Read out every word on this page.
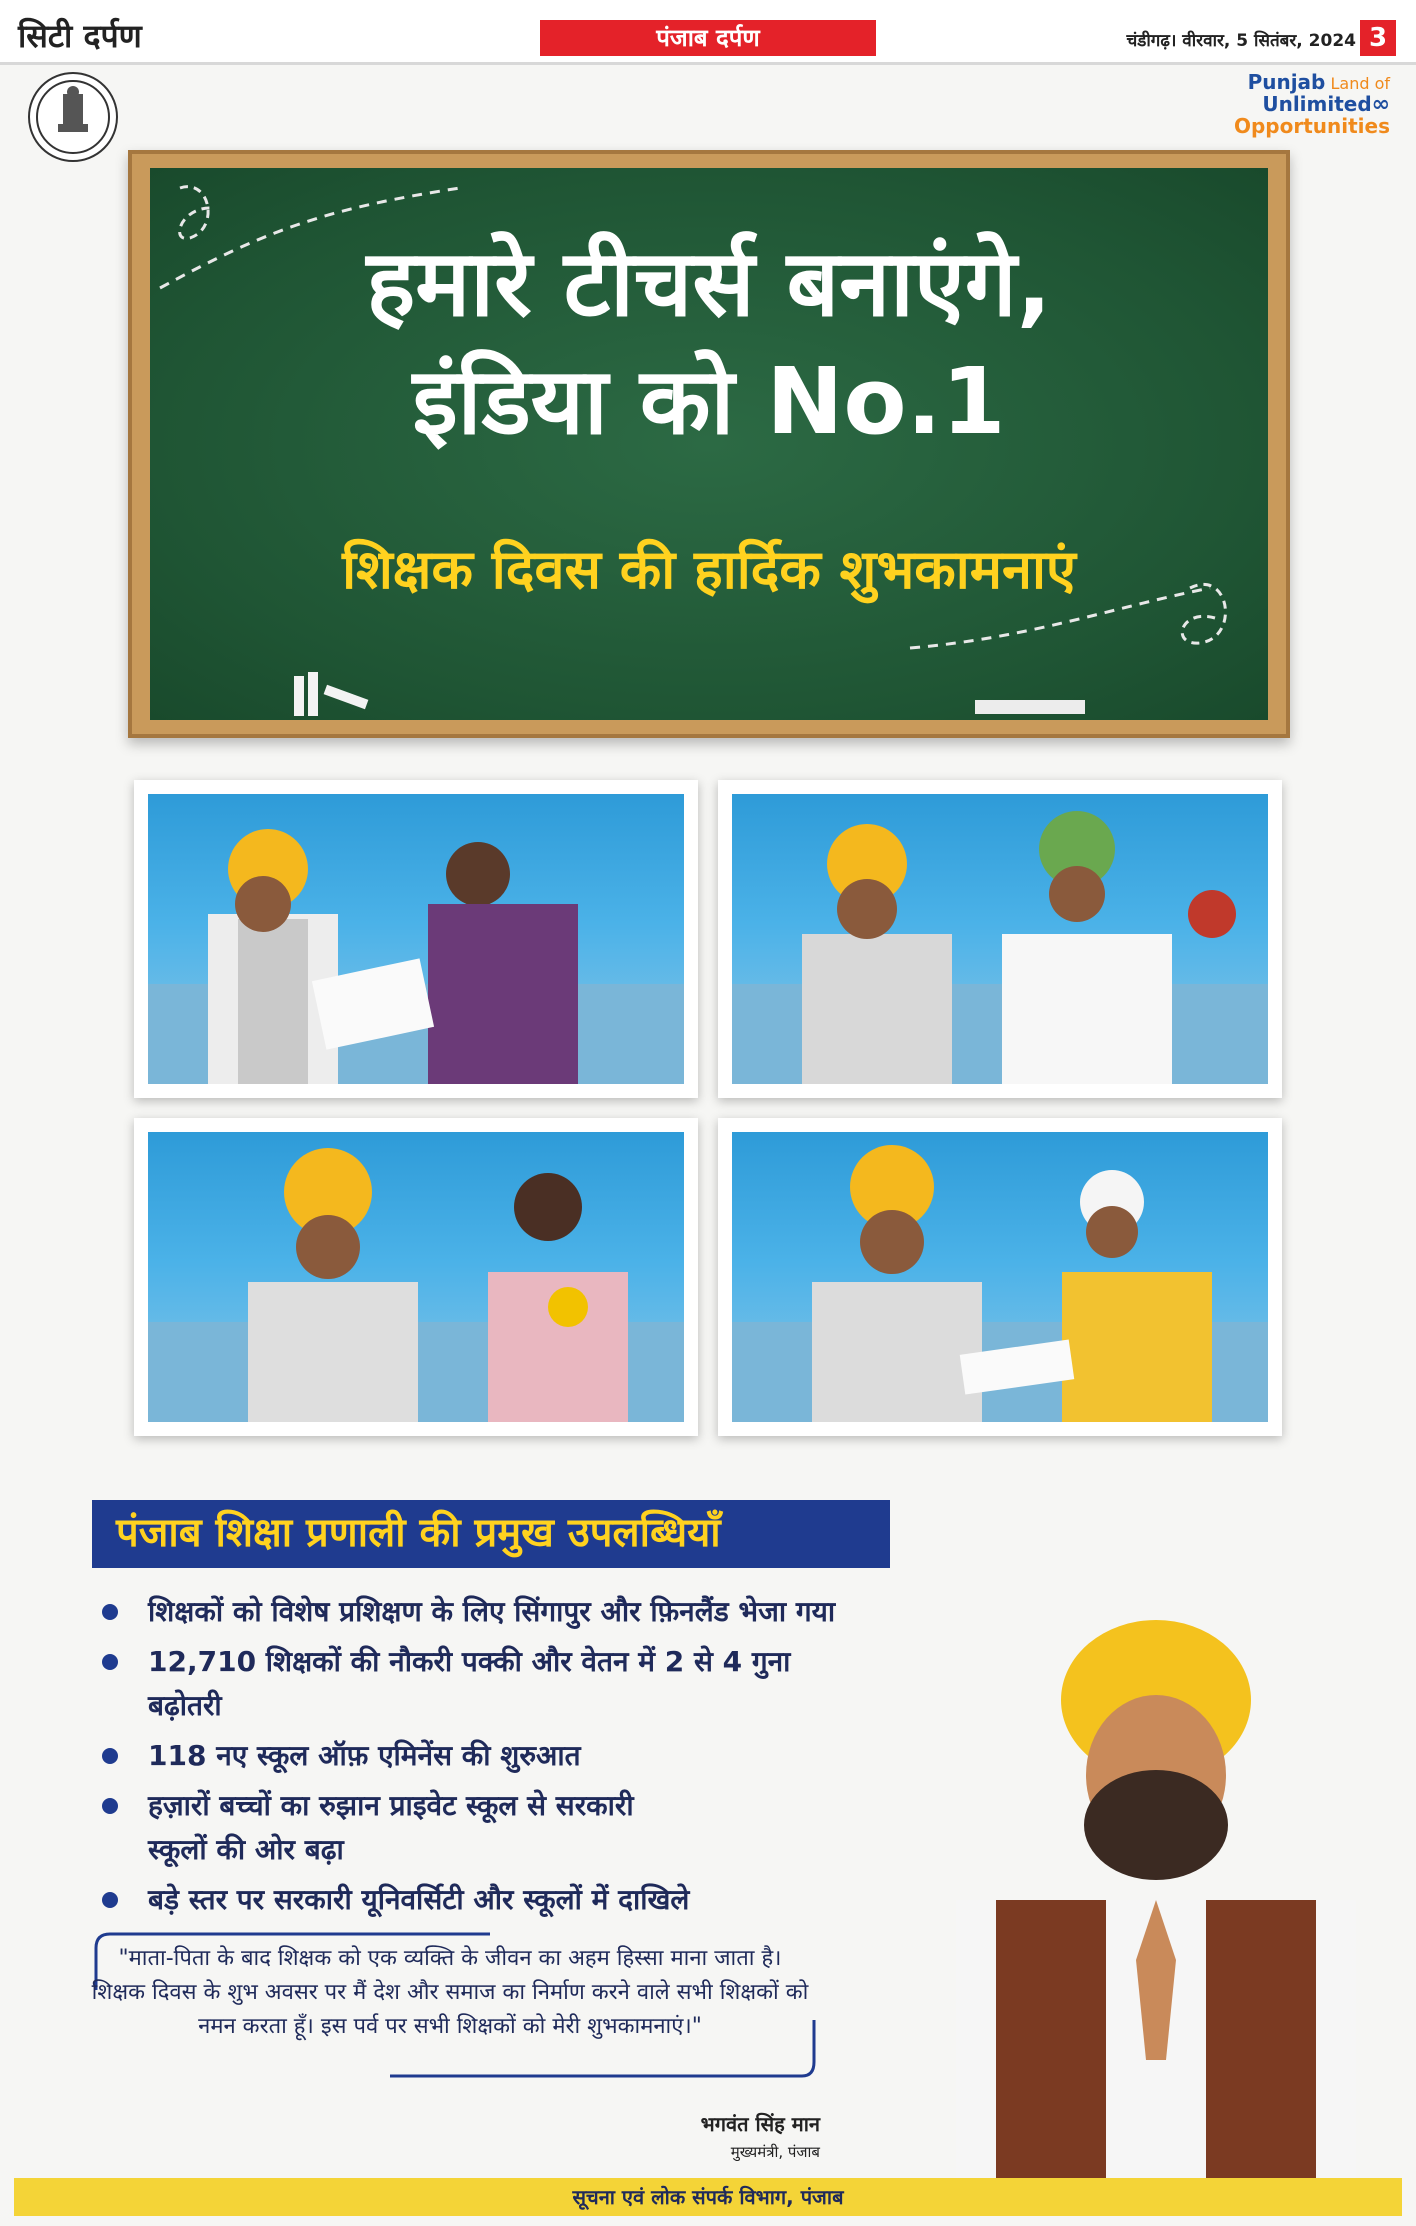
सिटी दर्पण	पंजाब दर्पण	चंडीगढ़। वीरवार, 5 सितंबर, 2024 3
Punjab Land of
Unlimited∞
Opportunities
हमारे टीचर्स बनाएंगे,
इंडिया को No.1
शिक्षक दिवस की हार्दिक शुभकामनाएं
पंजाब शिक्षा प्रणाली की प्रमुख उपलब्धियाँ
शिक्षकों को विशेष प्रशिक्षण के लिए सिंगापुर और फ़िनलैंड भेजा गया
12,710 शिक्षकों की नौकरी पक्की और वेतन में 2 से 4 गुना बढ़ोतरी
118 नए स्कूल ऑफ़ एमिनेंस की शुरुआत
हज़ारों बच्चों का रुझान प्राइवेट स्कूल से सरकारी स्कूलों की ओर बढ़ा
बड़े स्तर पर सरकारी यूनिवर्सिटी और स्कूलों में दाखिले
"माता-पिता के बाद शिक्षक को एक व्यक्ति के जीवन का अहम हिस्सा माना जाता है। शिक्षक दिवस के शुभ अवसर पर मैं देश और समाज का निर्माण करने वाले सभी शिक्षकों को नमन करता हूँ। इस पर्व पर सभी शिक्षकों को मेरी शुभकामनाएं।"
भगवंत सिंह मान
मुख्यमंत्री, पंजाब
सूचना एवं लोक संपर्क विभाग, पंजाब
